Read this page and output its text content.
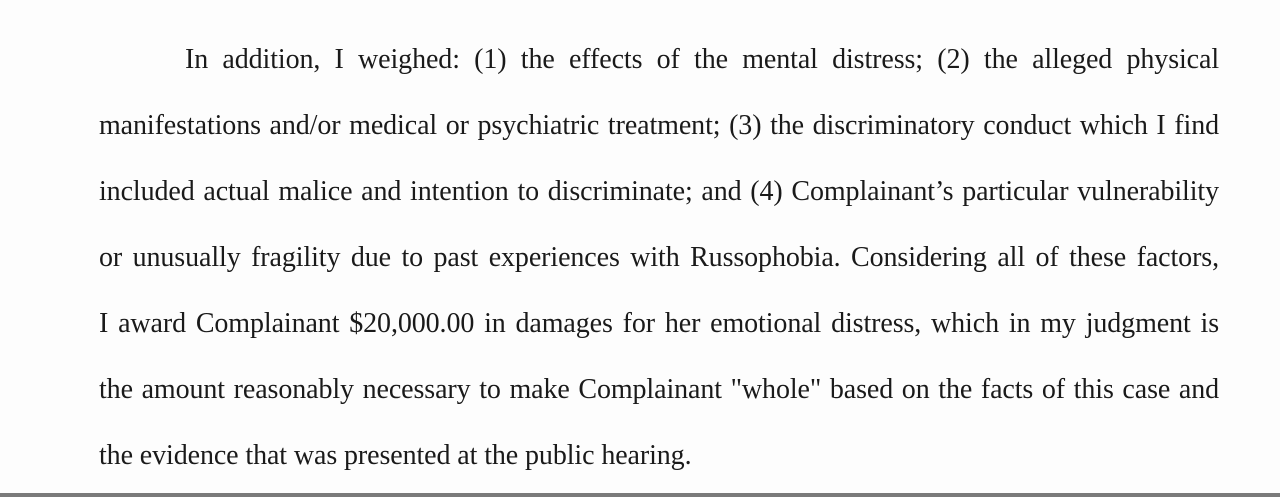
In addition, I weighed: (1) the effects of the mental distress; (2) the alleged physical
manifestations and/or medical or psychiatric treatment; (3) the discriminatory conduct which I find
included actual malice and intention to discriminate; and (4) Complainant’s particular vulnerability
or unusually fragility due to past experiences with Russophobia. Considering all of these factors,
I award Complainant $20,000.00 in damages for her emotional distress, which in my judgment is
the amount reasonably necessary to make Complainant "whole" based on the facts of this case and
the evidence that was presented at the public hearing.
